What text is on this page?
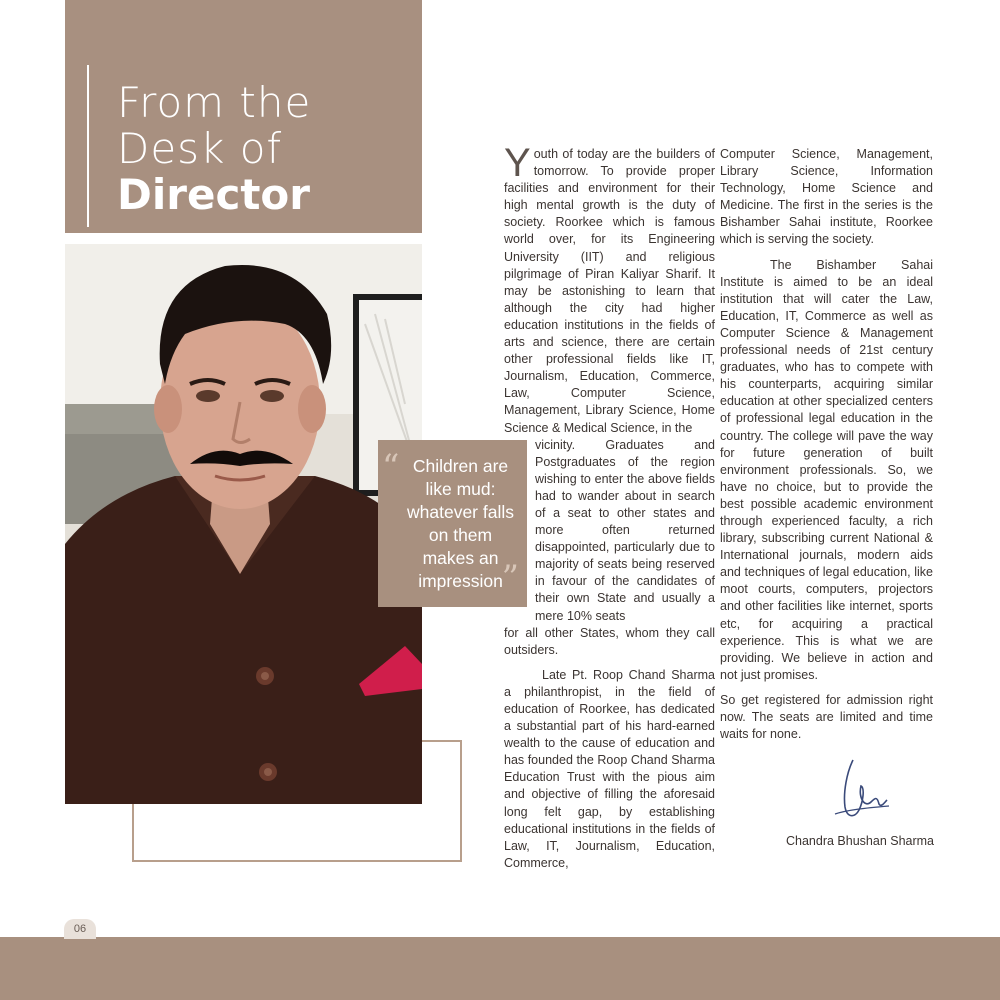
From the
Desk of
Director
“ Children are like mud: whatever falls on them makes an impression
”

Y outh of today are the builders of tomorrow. To provide proper facilities and environment for their high mental growth is the duty of society. Roorkee which is famous world over, for its Engineering University (IIT) and religious pilgrimage of Piran Kaliyar Sharif. It may be astonishing to learn that although the city had higher education institutions in the fields of arts and science, there are certain other professional fields like IT, Journalism, Education, Commerce, Law, Computer Science, Management, Library Science, Home Science & Medical Science, in the

vicinity. Graduates and Postgraduates of the region wishing to enter the above fields had to wander about in search of a seat to other states and more often returned disappointed, particularly due to majority of seats being reserved in favour of the candidates of their own State and usually a mere 10% seats

for all other States, whom they call outsiders.

Late Pt. Roop Chand Sharma a philanthropist, in the field of education of Roorkee, has dedicated a substantial part of his hard-earned wealth to the cause of education and has founded the Roop Chand Sharma Education Trust with the pious aim and objective of filling the aforesaid long felt gap, by establishing educational institutions in the fields of Law, IT, Journalism, Education, Commerce,

Computer Science, Management, Library Science, Information Technology, Home Science and Medicine. The first in the series is the Bishamber Sahai institute, Roorkee which is serving the society.

The Bishamber Sahai Institute is aimed to be an ideal institution that will cater the Law, Education, IT, Commerce as well as Computer Science & Management professional needs of 21st century graduates, who has to compete with his counterparts, acquiring similar education at other specialized centers of professional legal education in the country. The college will pave the way for future generation of built environment professionals. So, we have no choice, but to provide the best possible academic environment through experienced faculty, a rich library, subscribing current National & International journals, modern aids and techniques of legal education, like moot courts, computers, projectors and other facilities like internet, sports etc, for acquiring a practical experience. This is what we are providing. We believe in action and not just promises.

So get registered for admission right now. The seats are limited and time waits for none.

Chandra Bhushan Sharma
06
